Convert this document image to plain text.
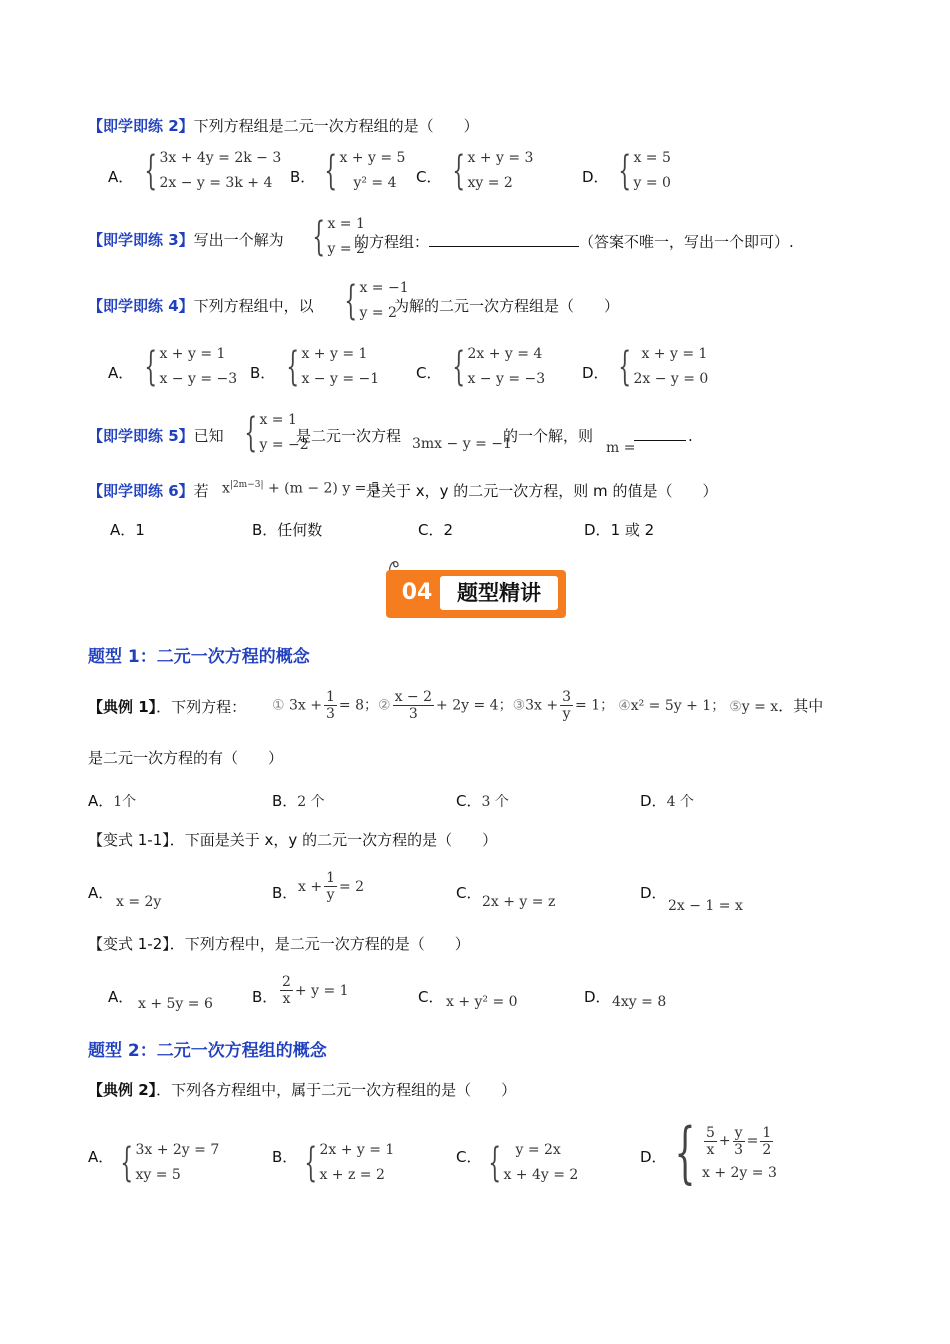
【即学即练 2】下列方程组是二元一次方程组的是（　　）
A． { 3x + 4y = 2k − 3
2x − y = 3k + 4	B． { x + y = 5
y² = 4	C． { x + y = 3
xy = 2	D． { x = 5
y = 0
【即学即练 3】 写出一个解为 { x = 1
y = 2
的方程组：	（答案不唯一，写出一个即可）.
【即学即练 4】下列方程组中，以 { x = −1
y = 2
为解的二元一次方程组是（　　）
A． { x + y = 1
x − y = −3 B． { x + y = 1
x − y = −1 C． { 2x + y = 4
x − y = −3 D． { x + y = 1
2x − y = 0
【即学即练 5】已知 { x = 1
y = −2
是二元一次方程 3mx − y = −1
的一个解，则
m =
.
【即学即练 6】若 $x^{|2m-3|} + (m - 2) y = 5$
是关于 x，y 的二元一次方程，则 m 的值是（　　）
A．1	B．任何数	C．2	D．1 或 2
04	题型精讲
题型 1：二元一次方程的概念
【典例 1】．下列方程： ① $3x + \frac{1}{3} = 8$； ② $\frac{x - 2}{3} + 2y = 4$； ③3x + $\frac{3}{y} = 1$； ④x² = 5y + 1； ⑤y = x．其中
是二元一次方程的有（　　）
A．1个	B．2 个	C．3 个	D．4 个
【变式 1-1】．下面是关于 x，y 的二元一次方程的是（　　）
A． x = 2y	B． $x + \frac{1}{y} = 2$	C． 2x + y = z	D．
2x − 1 = x
【变式 1-2】．下列方程中，是二元一次方程的是（　　）
A． x + 5y = 6	B． $\frac{2}{x} + y = 1$	C． x + y² = 0	D． 4xy = 8
题型 2：二元一次方程组的概念
【典例 2】．下列各方程组中，属于二元一次方程组的是（　　）
A． { 3x + 2y = 7
xy = 5
B． { 2x + y = 1
x + z = 2
C． {	y = 2x
x + 4y = 2
D． { $\frac{5}{x} + \frac{y}{3} = \frac{1}{2}$
x + 2y = 3
